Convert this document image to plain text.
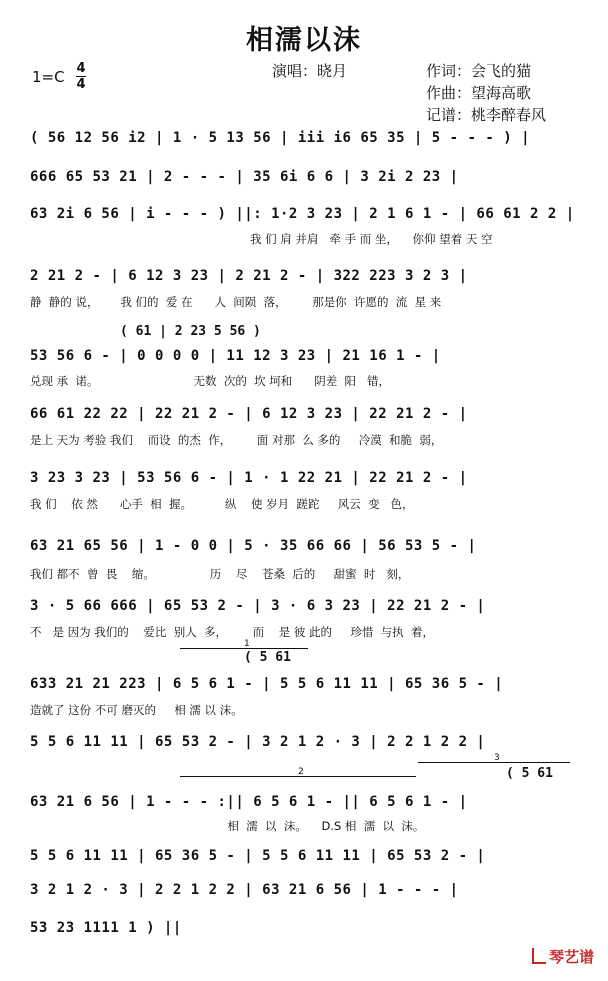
相濡以沫
演唱：晓月	作词：会飞的猫
作曲：望海高歌
记谱：桃李醉春风
1=C 4
4
( 56 12 56 i2 | 1 · 5 13 56 | iii i6 65 35 | 5 - - - ) |
666 65 53 21 | 2 - - - | 35 6i 6 6 | 3 2i 2 23 |
63 2i 6 56 | i - - - ) ||: 1·2 3 23 | 2 1 6 1 - | 66 61 2 2 |
我 们 肩 并肩   牵 手 而 坐，    你仰 望着 天 空
2 21 2 - | 6 12 3 23 | 2 21 2 - | 322 223 3 2 3 |
静  静的 说，      我 们的  爱 在      人  间陨  落，       那是你  许愿的  流  星 来
( 61 | 2 23 5 56 )
53 56 6 - | 0 0 0 0 | 11 12 3 23 | 21 16 1 - |
兑现 承  诺。                          无数  次的  坎 坷和      阴差  阳   错，
66 61 22 22 | 22 21 2 - | 6 12 3 23 | 22 21 2 - |
是上 天为 考验 我们    而设  的杰  作，       面 对那  么 多的     冷漠  和脆  弱，
3 23 3 23 | 53 56 6 - | 1 · 1 22 21 | 22 21 2 - |
我 们    依 然      心手  相  握。         纵    使 岁月  蹉跎     风云  变   色，
63 21 65 56 | 1 - 0 0 | 5 · 35 66 66 | 56 53 5 - |
我们 都不  曾  畏    缩。               历    尽    苍桑  后的     甜蜜  时   刻，
3 · 5 66 666 | 65 53 2 - | 3 · 6 3 23 | 22 21 2 - |
不   是 因为 我们的    爱比  别人  多，       而    是 彼 此的     珍惜  与执  着，
1
( 5 61
633 21 21 223 | 6 5 6 1 - | 5 5 6 11 11 | 65 36 5 - |
造就了 这份 不可 磨灭的     相 濡 以 沫。
5 5 6 11 11 | 65 53 2 - | 3 2 1 2 · 3 | 2 2 1 2 2 |
2
3
( 5 61
63 21 6 56 | 1 - - - :|| 6 5 6 1 - || 6 5 6 1 - |
相  濡  以  沫。    D.S 相  濡  以  沫。
5 5 6 11 11 | 65 36 5 - | 5 5 6 11 11 | 65 53 2 - |
3 2 1 2 · 3 | 2 2 1 2 2 | 63 21 6 56 | 1 - - - |
53 23 1111 1 ) ||
琴艺谱
